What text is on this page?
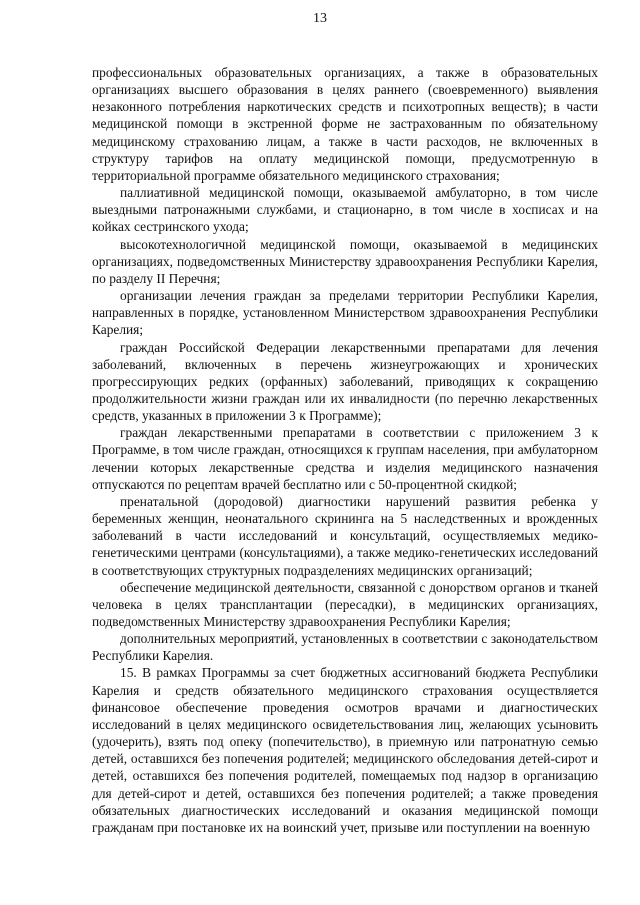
13

профессиональных образовательных организациях, а также в образовательных организациях высшего образования в целях раннего (своевременного) выявления незаконного потребления наркотических средств и психотропных веществ); в части медицинской помощи в экстренной форме не застрахованным по обязательному медицинскому страхованию лицам, а также в части расходов, не включенных в структуру тарифов на оплату медицинской помощи, предусмотренную в территориальной программе обязательного медицинского страхования;

паллиативной медицинской помощи, оказываемой амбулаторно, в том числе выездными патронажными службами, и стационарно, в том числе в хосписах и на койках сестринского ухода;

высокотехнологичной медицинской помощи, оказываемой в медицинских организациях, подведомственных Министерству здравоохранения Республики Карелия, по разделу II Перечня;

организации лечения граждан за пределами территории Республики Карелия, направленных в порядке, установленном Министерством здравоохранения Республики Карелия;

граждан Российской Федерации лекарственными препаратами для лечения заболеваний, включенных в перечень жизнеугрожающих и хронических прогрессирующих редких (орфанных) заболеваний, приводящих к сокращению продолжительности жизни граждан или их инвалидности (по перечню лекарственных средств, указанных в приложении 3 к Программе);

граждан лекарственными препаратами в соответствии с приложением 3 к Программе, в том числе граждан, относящихся к группам населения, при амбулаторном лечении которых лекарственные средства и изделия медицинского назначения отпускаются по рецептам врачей бесплатно или с 50-процентной скидкой;

пренатальной (дородовой) диагностики нарушений развития ребенка у беременных женщин, неонатального скрининга на 5 наследственных и врожденных заболеваний в части исследований и консультаций, осуществляемых медико-генетическими центрами (консультациями), а также медико-генетических исследований в соответствующих структурных подразделениях медицинских организаций;

обеспечение медицинской деятельности, связанной с донорством органов и тканей человека в целях трансплантации (пересадки), в медицинских организациях, подведомственных Министерству здравоохранения Республики Карелия;

дополнительных мероприятий, установленных в соответствии с законодательством Республики Карелия.

15. В рамках Программы за счет бюджетных ассигнований бюджета Республики Карелия и средств обязательного медицинского страхования осуществляется финансовое обеспечение проведения осмотров врачами и диагностических исследований в целях медицинского освидетельствования лиц, желающих усыновить (удочерить), взять под опеку (попечительство), в приемную или патронатную семью детей, оставшихся без попечения родителей; медицинского обследования детей-сирот и детей, оставшихся без попечения родителей, помещаемых под надзор в организацию для детей-сирот и детей, оставшихся без попечения родителей; а также проведения обязательных диагностических исследований и оказания медицинской помощи гражданам при постановке их на воинский учет, призыве или поступлении на военную
